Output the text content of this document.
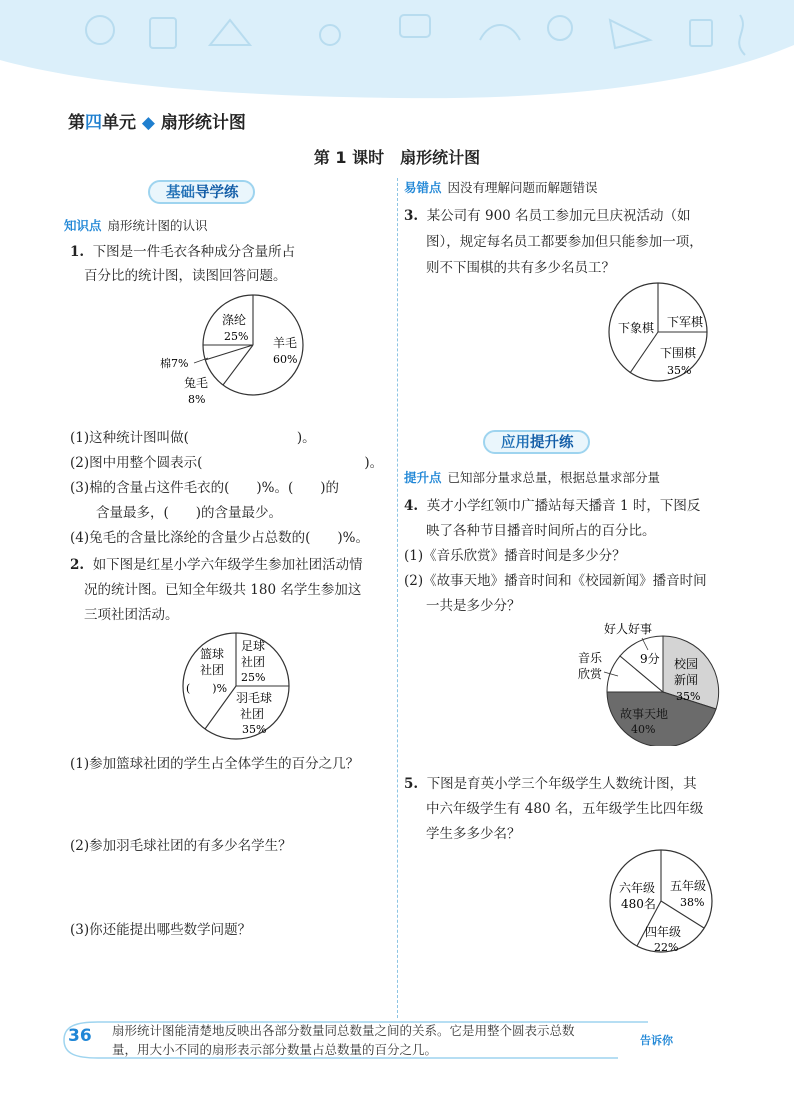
第四单元 ◆ 扇形统计图
第 1 课时　扇形统计图
基础导学练
知识点 扇形统计图的认识
1. 下图是一件毛衣各种成分含量所占
百分比的统计图，读图回答问题。
涤纶
25% 羊毛
60%
棉7%
兔毛
8%
(1)这种统计图叫做(　　　　　　　　)。
(2)图中用整个圆表示(　　　　　　　　　　　　)。
(3)棉的含量占这件毛衣的(　　)%。(　　)的
含量最多，(　　)的含量最少。
(4)兔毛的含量比涤纶的含量少占总数的(　　)%。
2. 如下图是红星小学六年级学生参加社团活动情
况的统计图。已知全年级共 180 名学生参加这
三项社团活动。
篮球
社团
(　　)%
足球
社团
25%
羽毛球
社团
35%
(1)参加篮球社团的学生占全体学生的百分之几？
(2)参加羽毛球社团的有多少名学生？
(3)你还能提出哪些数学问题？
易错点 因没有理解问题而解题错误
3. 某公司有 900 名员工参加元旦庆祝活动（如
图），规定每名员工都要参加但只能参加一项，
则不下围棋的共有多少名员工？
下象棋 下军棋
下围棋
35%
应用提升练
提升点 已知部分量求总量，根据总量求部分量
4. 英才小学红领巾广播站每天播音 1 时，下图反
映了各种节目播音时间所占的百分比。
(1)《音乐欣赏》播音时间是多少分？
(2)《故事天地》播音时间和《校园新闻》播音时间
一共是多少分？
好人好事
9分
音乐
欣赏
校园
新闻
35%
故事天地
40%
5. 下图是育英小学三个年级学生人数统计图，其
中六年级学生有 480 名，五年级学生比四年级
学生多多少名？
六年级
480名
五年级
38%
四年级
22%
36 扇形统计图能清楚地反映出各部分数量同总数量之间的关系。它是用整个圆表示总数
量，用大小不同的扇形表示部分数量占总数量的百分之几。
告诉你
